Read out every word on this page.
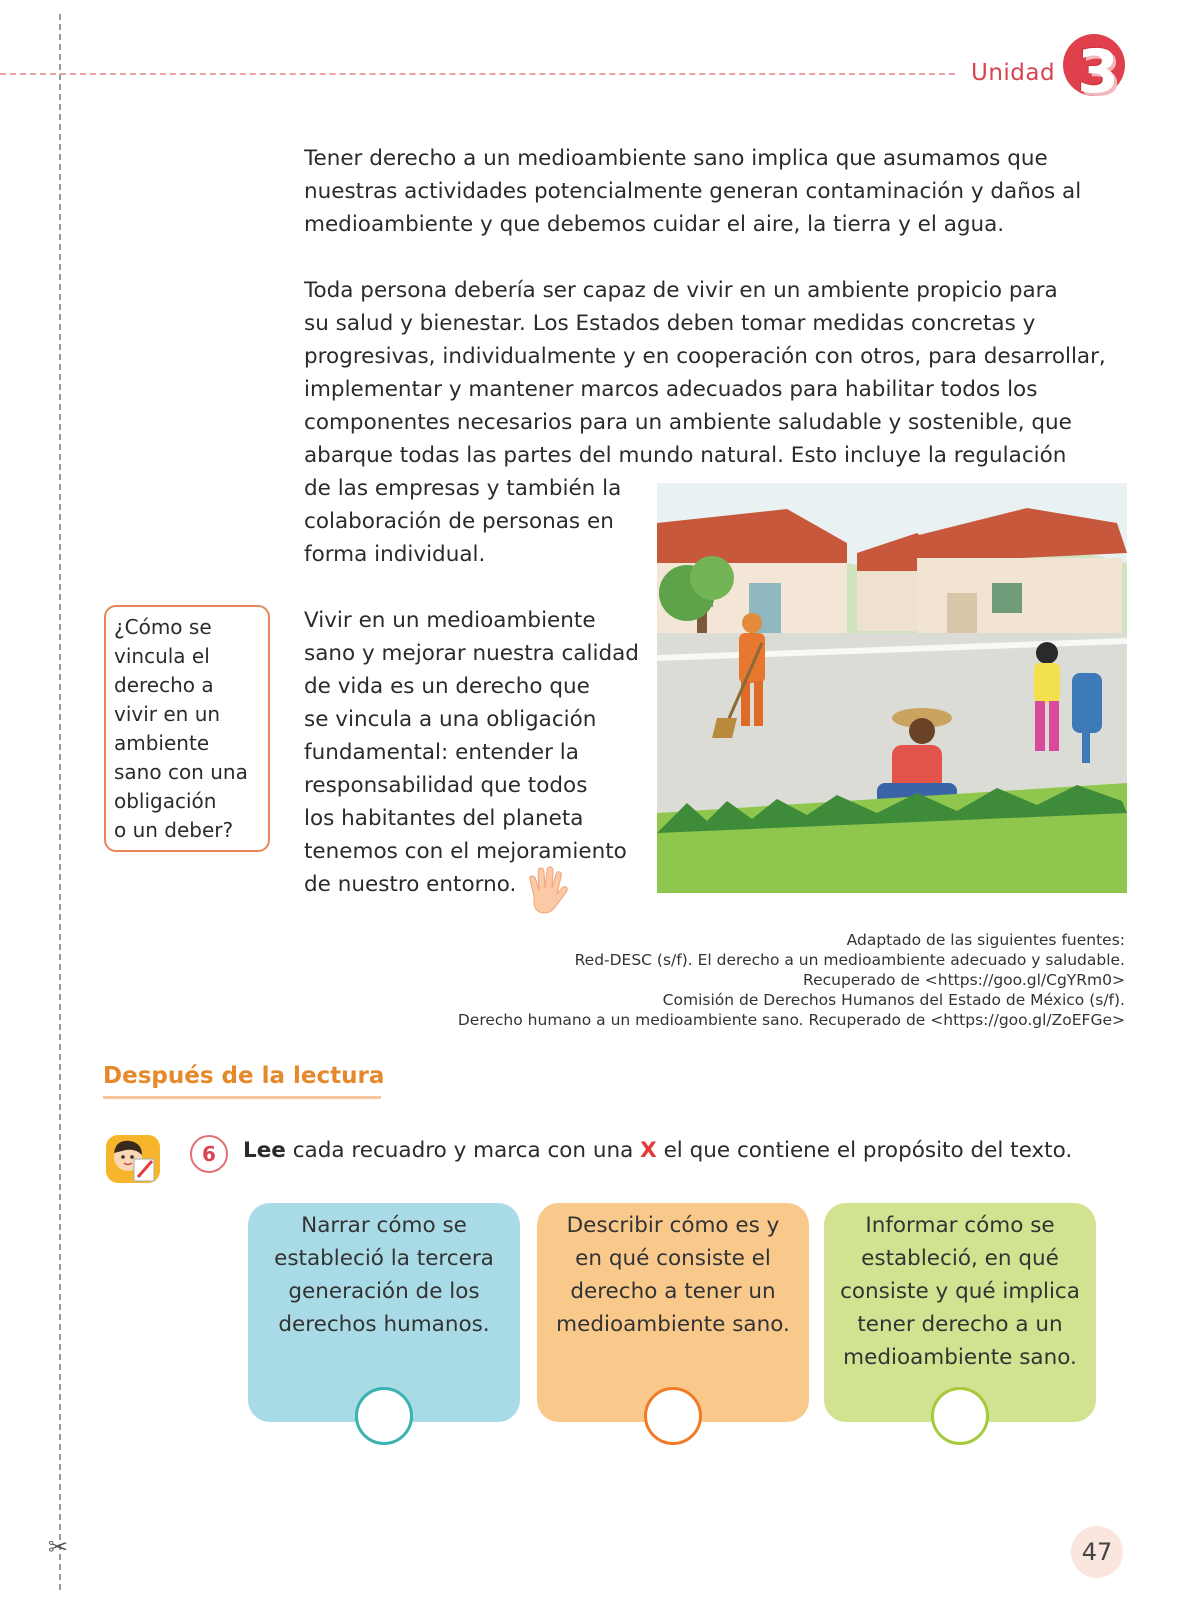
✂
Unidad 3
Tener derecho a un medioambiente sano implica que asumamos que
nuestras actividades potencialmente generan contaminación y daños al
medioambiente y que debemos cuidar el aire, la tierra y el agua.
Toda persona debería ser capaz de vivir en un ambiente propicio para
su salud y bienestar. Los Estados deben tomar medidas concretas y
progresivas, individualmente y en cooperación con otros, para desarrollar,
implementar y mantener marcos adecuados para habilitar todos los
componentes necesarios para un ambiente saludable y sostenible, que
abarque todas las partes del mundo natural. Esto incluye la regulación
de las empresas y también la
colaboración de personas en
forma individual.
Vivir en un medioambiente
sano y mejorar nuestra calidad
de vida es un derecho que
se vincula a una obligación
fundamental: entender la
responsabilidad que todos
los habitantes del planeta
tenemos con el mejoramiento
de nuestro entorno.
¿Cómo se
vincula el
derecho a
vivir en un
ambiente
sano con una
obligación
o un deber?
Adaptado de las siguientes fuentes:
Red-DESC (s/f). El derecho a un medioambiente adecuado y saludable.
Recuperado de <https://goo.gl/CgYRm0>
Comisión de Derechos Humanos del Estado de México (s/f).
Derecho humano a un medioambiente sano. Recuperado de <https://goo.gl/ZoEFGe>
Después de la lectura
6	Lee cada recuadro y marca con una X el que contiene el propósito del texto.
Narrar cómo se
estableció la tercera
generación de los
derechos humanos.
Describir cómo es y
en qué consiste el
derecho a tener un
medioambiente sano.
Informar cómo se
estableció, en qué
consiste y qué implica
tener derecho a un
medioambiente sano.
47
